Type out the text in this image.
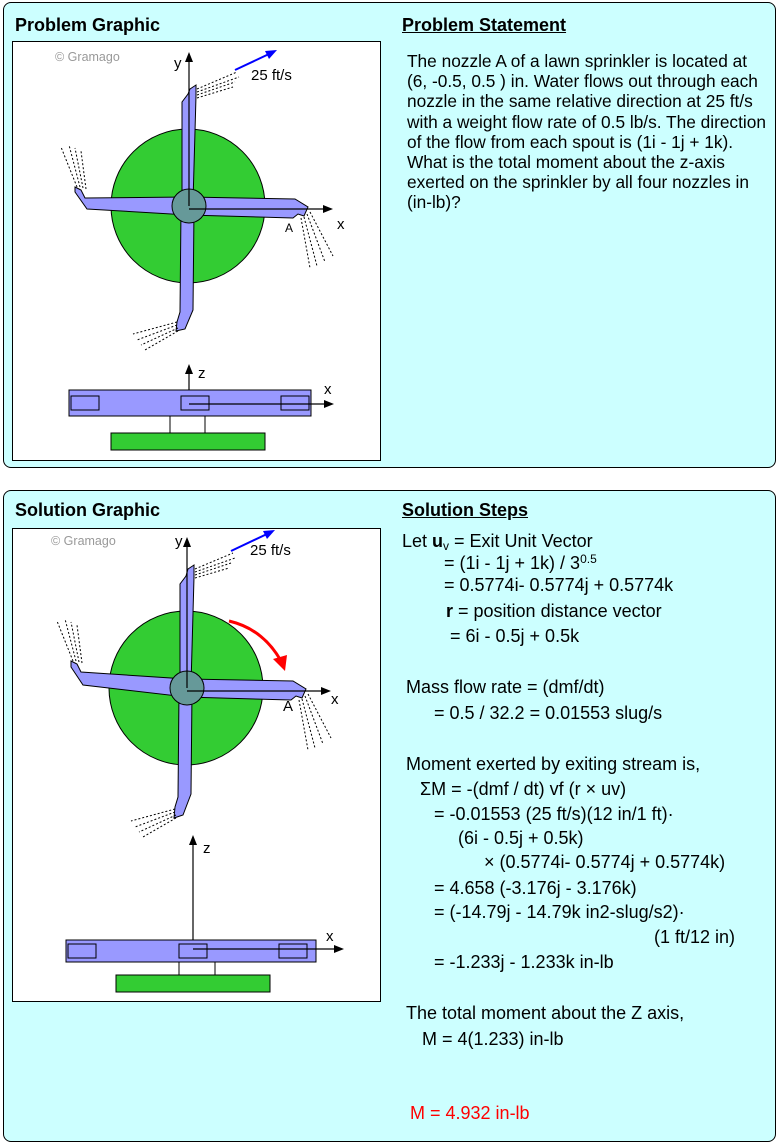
Problem Graphic	Problem Statement
© Gramago	y
x
A
25 ft/s
z
x
The nozzle A of a lawn sprinkler is located at (6, -0.5, 0.5 ) in. Water flows out through each nozzle in the same relative direction at 25 ft/s with a weight flow rate of 0.5 lb/s. The direction of the flow from each spout is (1i - 1j + 1k). What is the total moment about the z-axis exerted on the sprinkler by all four nozzles in (in-lb)?
Solution Graphic	Solution Steps
© Gramago	y
x
A
25 ft/s
z
x
Let $u_v$ = Exit Unit Vector
= $(1i - 1j + 1k) / 3^{0.5}$
= 0.5774i- 0.5774j + 0.5774k
r = position distance vector
= 6i - 0.5j + 0.5k
Mass flow rate = (dmf/dt)
= 0.5 / 32.2 = 0.01553 slug/s
Moment exerted by exiting stream is,
ΣM = -(dmf / dt) vf (r × uv)
= -0.01553 (25 ft/s)(12 in/1 ft)·
(6i - 0.5j + 0.5k)
× (0.5774i- 0.5774j + 0.5774k)
= 4.658 (-3.176j - 3.176k)
= (-14.79j - 14.79k in2-slug/s2)·
(1 ft/12 in)
= -1.233j - 1.233k in-lb
The total moment about the Z axis,
M = 4(1.233) in-lb
M = 4.932 in-lb
